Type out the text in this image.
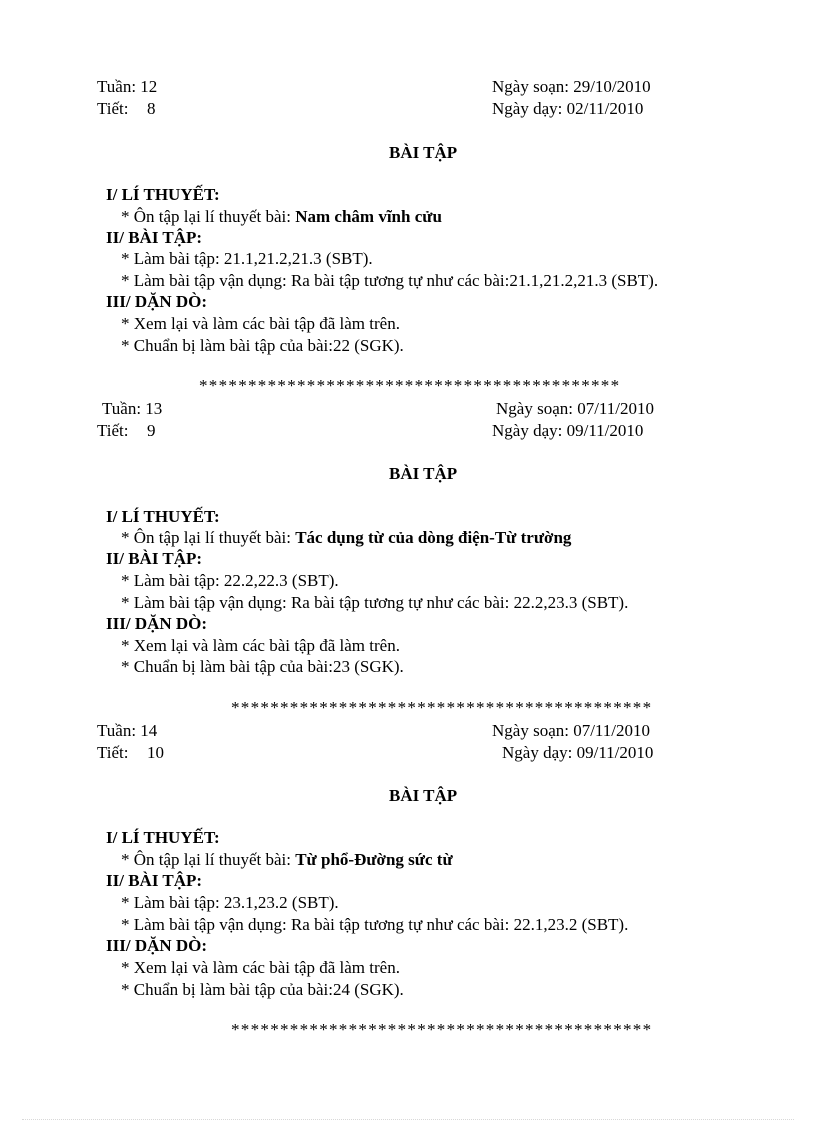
Tuần: 12	Ngày soạn: 29/10/2010
Tiết: 8	Ngày dạy: 02/11/2010
BÀI TẬP
I/ LÍ THUYẾT:
* Ôn tập lại lí thuyết bài: Nam châm vĩnh cửu
II/ BÀI TẬP:
* Làm bài tập: 21.1,21.2,21.3 (SBT).
* Làm bài tập vận dụng: Ra bài tập tương tự như các bài:21.1,21.2,21.3 (SBT).
III/ DẶN DÒ:
* Xem lại và làm các bài tập đã làm trên.
* Chuẩn bị làm bài tập của bài:22 (SGK).
*******************************************
Tuần: 13	Ngày soạn: 07/11/2010
Tiết: 9	Ngày dạy: 09/11/2010
BÀI TẬP
I/ LÍ THUYẾT:
* Ôn tập lại lí thuyết bài: Tác dụng từ của dòng điện-Từ trường
II/ BÀI TẬP:
* Làm bài tập: 22.2,22.3 (SBT).
* Làm bài tập vận dụng: Ra bài tập tương tự như các bài: 22.2,23.3 (SBT).
III/ DẶN DÒ:
* Xem lại và làm các bài tập đã làm trên.
* Chuẩn bị làm bài tập của bài:23 (SGK).
*******************************************
Tuần: 14	Ngày soạn: 07/11/2010
Tiết: 10	Ngày dạy: 09/11/2010
BÀI TẬP
I/ LÍ THUYẾT:
* Ôn tập lại lí thuyết bài: Từ phổ-Đường sức từ
II/ BÀI TẬP:
* Làm bài tập: 23.1,23.2 (SBT).
* Làm bài tập vận dụng: Ra bài tập tương tự như các bài: 22.1,23.2 (SBT).
III/ DẶN DÒ:
* Xem lại và làm các bài tập đã làm trên.
* Chuẩn bị làm bài tập của bài:24 (SGK).
*******************************************
